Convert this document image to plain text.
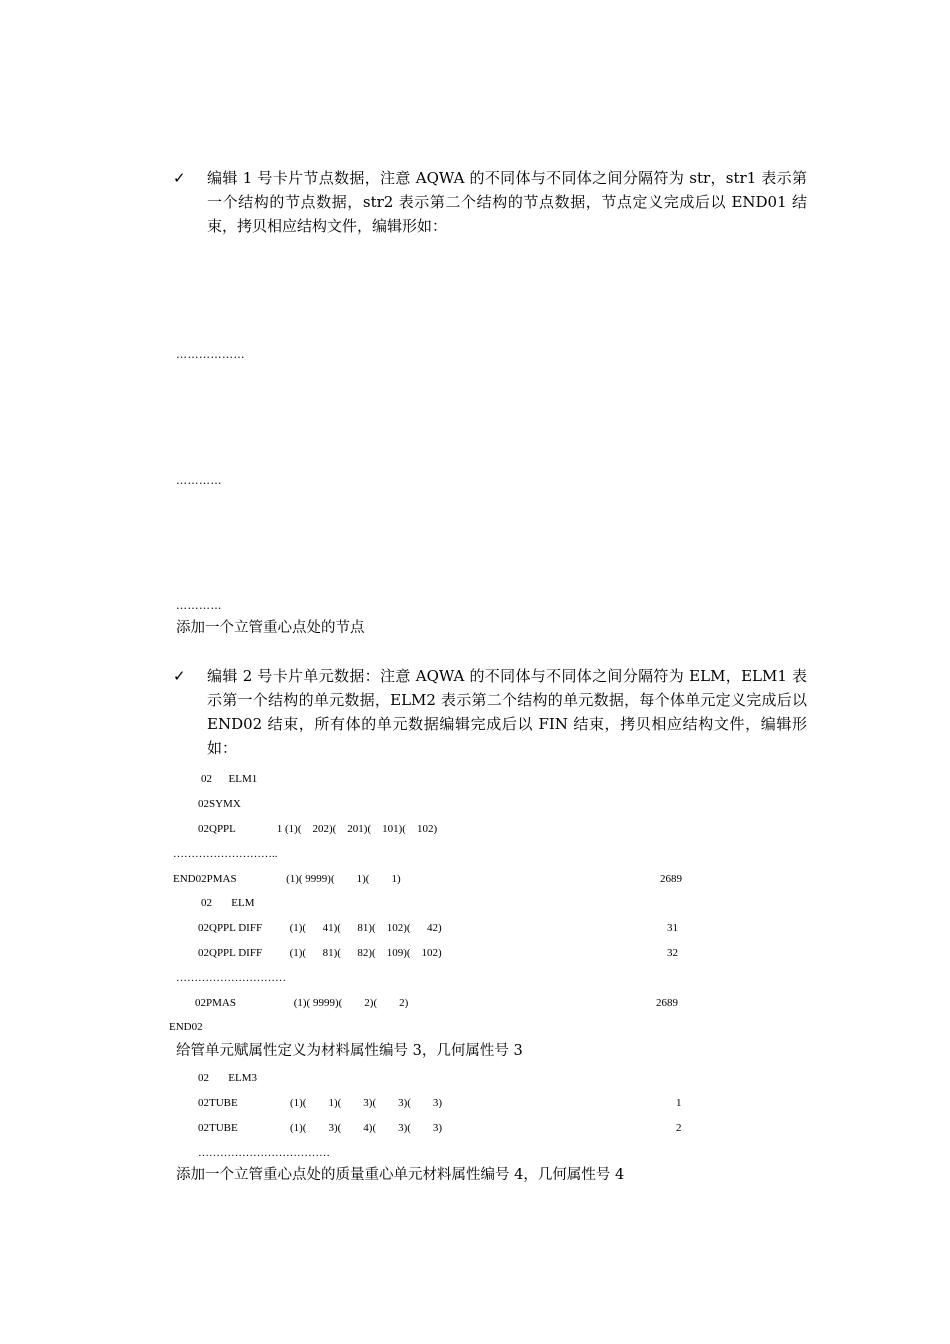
✓ 编辑 1 号卡片节点数据，注意 AQWA 的不同体与不同体之间分隔符为 str，str1 表示第一个结构的节点数据，str2 表示第二个结构的节点数据，节点定义完成后以 END01 结束，拷贝相应结构文件，编辑形如：
………………
…………
…………
添加一个立管重心点处的节点
✓ 编辑 2 号卡片单元数据：注意 AQWA 的不同体与不同体之间分隔符为 ELM，ELM1 表示第一个结构的单元数据，ELM2 表示第二个结构的单元数据，每个体单元定义完成后以 END02 结束，所有体的单元数据编辑完成后以 FIN 结束，拷贝相应结构文件，编辑形如：
02      ELM1
02SYMX
02QPPL               1 (1)(    202)(    201)(    101)(    102)
………………………..
END02PMAS                  (1)( 9999)(        1)(        1)	2689
02       ELM
02QPPL DIFF          (1)(      41)(      81)(    102)(      42)	31
02QPPL DIFF          (1)(      81)(      82)(    109)(    102)	32
…………………………
02PMAS                     (1)( 9999)(        2)(        2)	2689
END02
给管单元赋属性定义为材料属性编号 3，几何属性号 3
02       ELM3
02TUBE                   (1)(        1)(        3)(        3)(        3)	1
02TUBE                   (1)(        3)(        4)(        3)(        3)	2
………………………………
添加一个立管重心点处的质量重心单元材料属性编号 4，几何属性号 4
